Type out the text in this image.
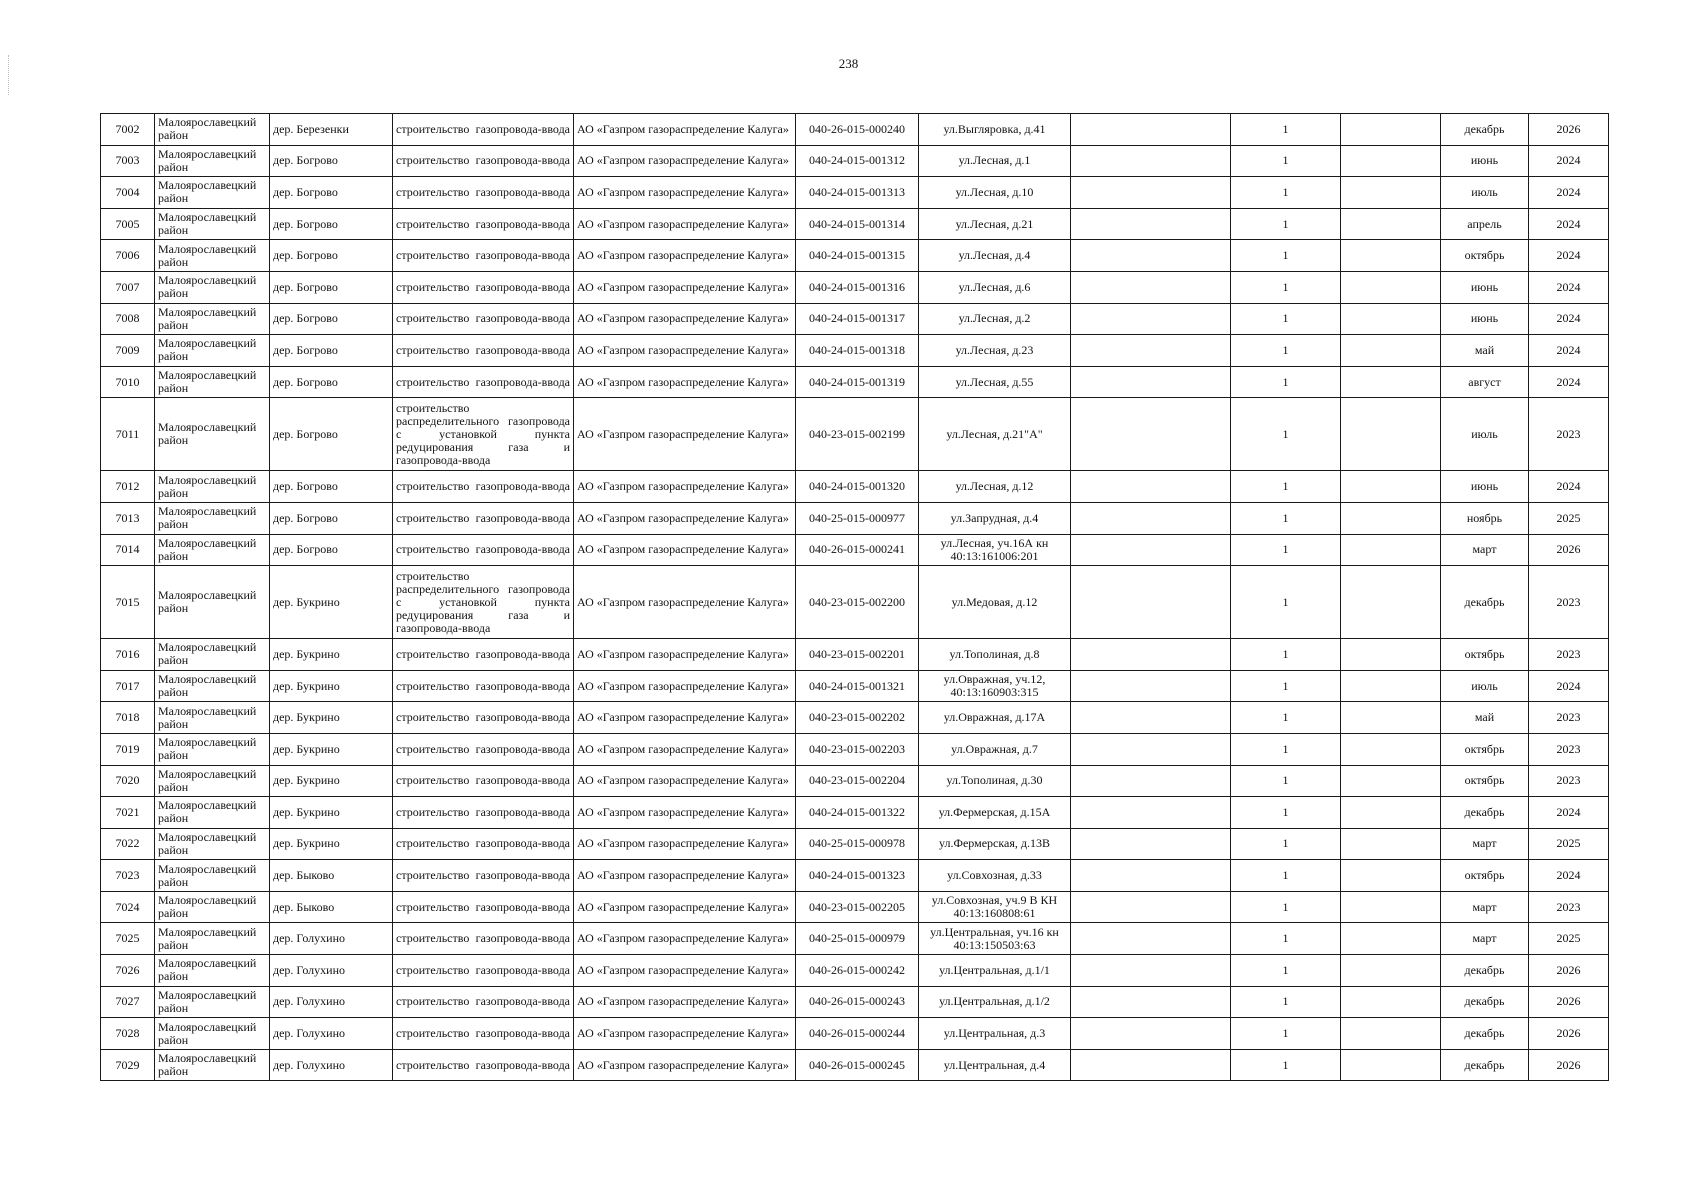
238
7002	Малоярославецкий район	дер. Березенки	строительство газопровода-ввода	АО «Газпром газораспределение Калуга»	040-26-015-000240	ул.Выгляровка, д.41		1		декабрь	2026
7003	Малоярославецкий район	дер. Богрово	строительство газопровода-ввода	АО «Газпром газораспределение Калуга»	040-24-015-001312	ул.Лесная, д.1		1		июнь	2024
7004	Малоярославецкий район	дер. Богрово	строительство газопровода-ввода	АО «Газпром газораспределение Калуга»	040-24-015-001313	ул.Лесная, д.10		1		июль	2024
7005	Малоярославецкий район	дер. Богрово	строительство газопровода-ввода	АО «Газпром газораспределение Калуга»	040-24-015-001314	ул.Лесная, д.21		1		апрель	2024
7006	Малоярославецкий район	дер. Богрово	строительство газопровода-ввода	АО «Газпром газораспределение Калуга»	040-24-015-001315	ул.Лесная, д.4		1		октябрь	2024
7007	Малоярославецкий район	дер. Богрово	строительство газопровода-ввода	АО «Газпром газораспределение Калуга»	040-24-015-001316	ул.Лесная, д.6		1		июнь	2024
7008	Малоярославецкий район	дер. Богрово	строительство газопровода-ввода	АО «Газпром газораспределение Калуга»	040-24-015-001317	ул.Лесная, д.2		1		июнь	2024
7009	Малоярославецкий район	дер. Богрово	строительство газопровода-ввода	АО «Газпром газораспределение Калуга»	040-24-015-001318	ул.Лесная, д.23		1		май	2024
7010	Малоярославецкий район	дер. Богрово	строительство газопровода-ввода	АО «Газпром газораспределение Калуга»	040-24-015-001319	ул.Лесная, д.55		1		август	2024
7011	Малоярославецкий район	дер. Богрово	строительство распределительного газопровода с установкой пункта редуцирования газа и газопровода-ввода	АО «Газпром газораспределение Калуга»	040-23-015-002199	ул.Лесная, д.21"А"		1		июль	2023
7012	Малоярославецкий район	дер. Богрово	строительство газопровода-ввода	АО «Газпром газораспределение Калуга»	040-24-015-001320	ул.Лесная, д.12		1		июнь	2024
7013	Малоярославецкий район	дер. Богрово	строительство газопровода-ввода	АО «Газпром газораспределение Калуга»	040-25-015-000977	ул.Запрудная, д.4		1		ноябрь	2025
7014	Малоярославецкий район	дер. Богрово	строительство газопровода-ввода	АО «Газпром газораспределение Калуга»	040-26-015-000241	ул.Лесная, уч.16А кн 40:13:161006:201		1		март	2026
7015	Малоярославецкий район	дер. Букрино	строительство распределительного газопровода с установкой пункта редуцирования газа и газопровода-ввода	АО «Газпром газораспределение Калуга»	040-23-015-002200	ул.Медовая, д.12		1		декабрь	2023
7016	Малоярославецкий район	дер. Букрино	строительство газопровода-ввода	АО «Газпром газораспределение Калуга»	040-23-015-002201	ул.Тополиная, д.8		1		октябрь	2023
7017	Малоярославецкий район	дер. Букрино	строительство газопровода-ввода	АО «Газпром газораспределение Калуга»	040-24-015-001321	ул.Овражная, уч.12, 40:13:160903:315		1		июль	2024
7018	Малоярославецкий район	дер. Букрино	строительство газопровода-ввода	АО «Газпром газораспределение Калуга»	040-23-015-002202	ул.Овражная, д.17А		1		май	2023
7019	Малоярославецкий район	дер. Букрино	строительство газопровода-ввода	АО «Газпром газораспределение Калуга»	040-23-015-002203	ул.Овражная, д.7		1		октябрь	2023
7020	Малоярославецкий район	дер. Букрино	строительство газопровода-ввода	АО «Газпром газораспределение Калуга»	040-23-015-002204	ул.Тополиная, д.30		1		октябрь	2023
7021	Малоярославецкий район	дер. Букрино	строительство газопровода-ввода	АО «Газпром газораспределение Калуга»	040-24-015-001322	ул.Фермерская, д.15А		1		декабрь	2024
7022	Малоярославецкий район	дер. Букрино	строительство газопровода-ввода	АО «Газпром газораспределение Калуга»	040-25-015-000978	ул.Фермерская, д.13В		1		март	2025
7023	Малоярославецкий район	дер. Быково	строительство газопровода-ввода	АО «Газпром газораспределение Калуга»	040-24-015-001323	ул.Совхозная, д.33		1		октябрь	2024
7024	Малоярославецкий район	дер. Быково	строительство газопровода-ввода	АО «Газпром газораспределение Калуга»	040-23-015-002205	ул.Совхозная, уч.9 В КН 40:13:160808:61		1		март	2023
7025	Малоярославецкий район	дер. Голухино	строительство газопровода-ввода	АО «Газпром газораспределение Калуга»	040-25-015-000979	ул.Центральная, уч.16 кн 40:13:150503:63		1		март	2025
7026	Малоярославецкий район	дер. Голухино	строительство газопровода-ввода	АО «Газпром газораспределение Калуга»	040-26-015-000242	ул.Центральная, д.1/1		1		декабрь	2026
7027	Малоярославецкий район	дер. Голухино	строительство газопровода-ввода	АО «Газпром газораспределение Калуга»	040-26-015-000243	ул.Центральная, д.1/2		1		декабрь	2026
7028	Малоярославецкий район	дер. Голухино	строительство газопровода-ввода	АО «Газпром газораспределение Калуга»	040-26-015-000244	ул.Центральная, д.3		1		декабрь	2026
7029	Малоярославецкий район	дер. Голухино	строительство газопровода-ввода	АО «Газпром газораспределение Калуга»	040-26-015-000245	ул.Центральная, д.4		1		декабрь	2026
